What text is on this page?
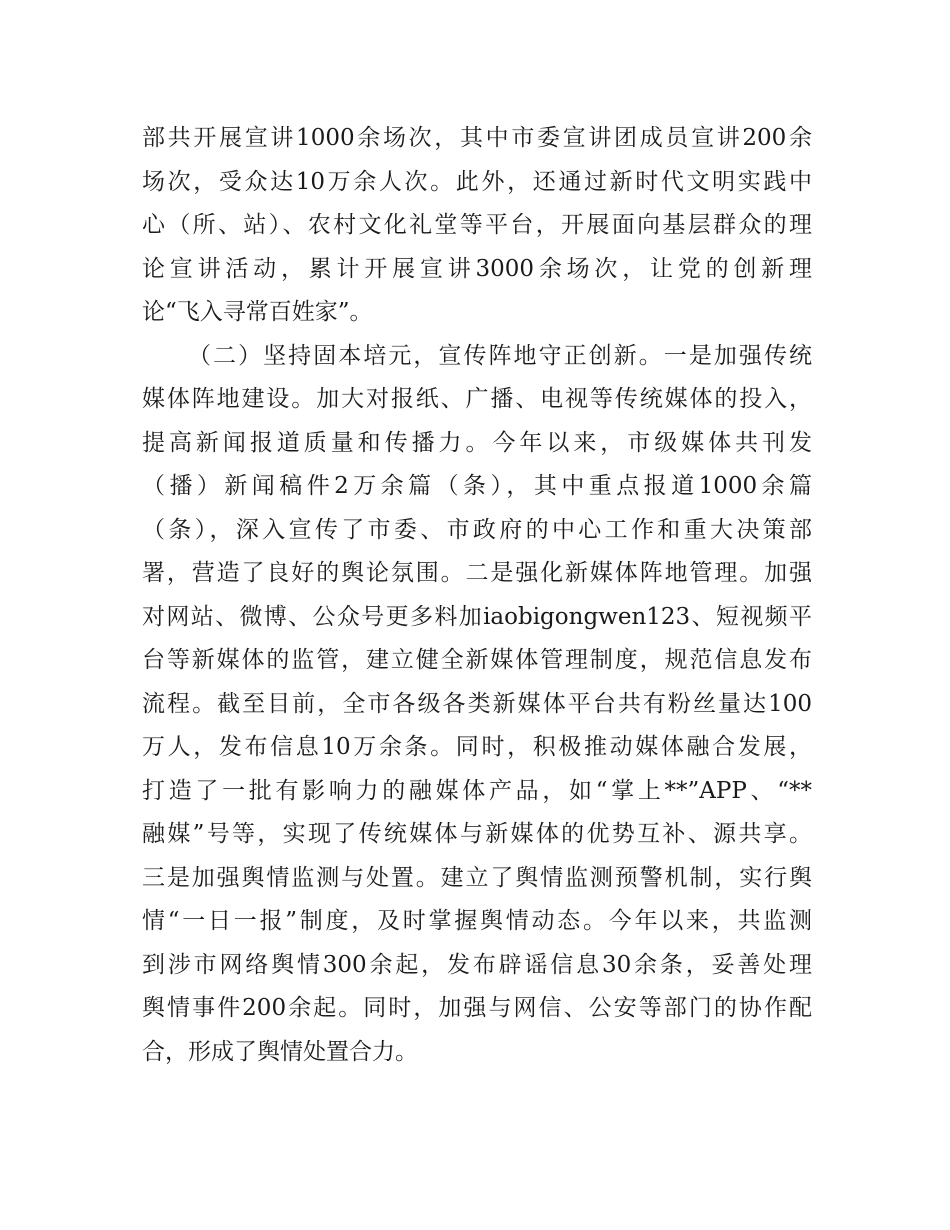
部共开展宣讲1000余场次，其中市委宣讲团成员宣讲200余
场次，受众达10万余人次。此外，还通过新时代文明实践中
心（所、站）、农村文化礼堂等平台，开展面向基层群众的理
论宣讲活动，累计开展宣讲3000余场次，让党的创新理
论“飞入寻常百姓家”。
（二）坚持固本培元，宣传阵地守正创新。一是加强传统
媒体阵地建设。加大对报纸、广播、电视等传统媒体的投入，
提高新闻报道质量和传播力。今年以来，市级媒体共刊发
（播）新闻稿件2万余篇（条），其中重点报道1000余篇
（条），深入宣传了市委、市政府的中心工作和重大决策部
署，营造了良好的舆论氛围。二是强化新媒体阵地管理。加强
对网站、微博、公众号更多料加iaobigongwen123、短视频平
台等新媒体的监管，建立健全新媒体管理制度，规范信息发布
流程。截至目前，全市各级各类新媒体平台共有粉丝量达100
万人，发布信息10万余条。同时，积极推动媒体融合发展，
打造了一批有影响力的融媒体产品，如“掌上**”APP、“**
融媒”号等，实现了传统媒体与新媒体的优势互补、源共享。
三是加强舆情监测与处置。建立了舆情监测预警机制，实行舆
情“一日一报”制度，及时掌握舆情动态。今年以来，共监测
到涉市网络舆情300余起，发布辟谣信息30余条，妥善处理
舆情事件200余起。同时，加强与网信、公安等部门的协作配
合，形成了舆情处置合力。
